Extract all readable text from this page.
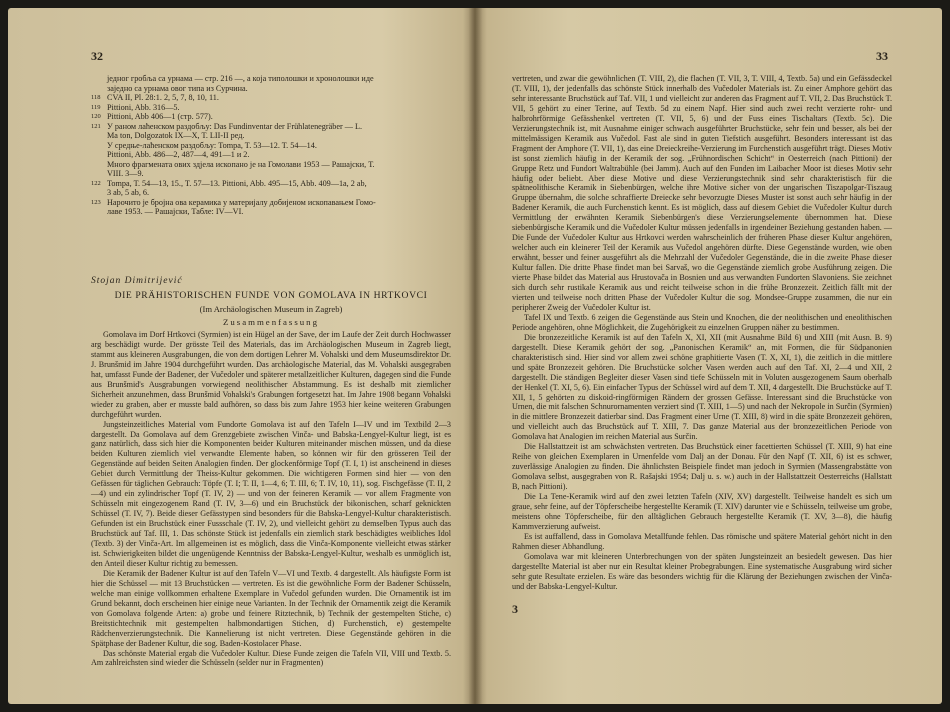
32
једног гробља са урнама — стр. 216 —, а која типолошки и хронолошки иде
заједно са урнама овог типа из Сурчина.
118 CVA II, Pl. 28:1. 2, 5, 7, 8, 10, 11.
119 Pittioni, Abb. 316—5.
120 Pittioni, Abb 406—1 (стр. 577).
121 У раном лаћенском раздобљу: Das Fundinventar der Frühlatenegräber — L.
Ma ton, Dolgozatok IX—X, T. LII-II ред.
У средње-лаћенском раздобљу: Tompa, T. 53—12. T. 54—14.
Pittioni, Abb. 486—2, 487—4, 491—1 и 2.
Много фрагмената ових здјела ископано је на Гомолави 1953 — Рашајски, Т.
VIII. 3—9.
122 Tompa, T. 54—13, 15., T. 57—13. Pittioni, Abb. 495—15, Abb. 409—1a, 2 ab,
3 ab, 5 ab, 6.
123 Нарочито је бројна ова керамика у материјалу добијеном ископавањем Гомо-
лаве 1953. — Рашајски, Табле: IV—VI.
Stojan Dimitrijević
DIE PRÄHISTORISCHEN FUNDE VON GOMOLAVA IN HRTKOVCI
(Im Archäologischen Museum in Zagreb)
Zusammenfassung

Gomolava im Dorf Hrtkovci (Syrmien) ist ein Hügel an der Save, der im Laufe der Zeit durch Hochwasser arg beschädigt wurde. Der grösste Teil des Materials, das im Archäologischen Museum in Zagreb liegt, stammt aus kleineren Ausgrabungen, die von dem dortigen Lehrer M. Vohalski und dem Museumsdirektor Dr. J. Brunšmid im Jahre 1904 durchgeführt wurden. Das archäologische Material, das M. Vohalski ausgegraben hat, umfasst Funde der Badener, der Vučedoler und späterer metallzeitlicher Kulturen, dagegen sind die Funde aus Brunšmid's Ausgrabungen vorwiegend neolithischer Abstammung. Es ist deshalb mit ziemlicher Sicherheit anzunehmen, dass Brunšmid Vohalski's Grabungen fortgesetzt hat. Im Jahre 1908 begann Vohalski wieder zu graben, aber er musste bald aufhören, so dass bis zum Jahre 1953 hier keine weiteren Grabungen durchgeführt wurden.

Jungsteinzeitliches Material vom Fundorte Gomolava ist auf den Tafeln I—IV und im Textbild 2—3 dargestellt. Da Gomolava auf dem Grenzgebiete zwischen Vinča- und Babska-Lengyel-Kultur liegt, ist es ganz natürlich, dass sich hier die Komponenten beider Kulturen miteinander mischen müssen, und da diese beiden Kulturen ziemlich viel verwandte Elemente haben, so können wir für den grösseren Teil der Gegenstände auf beiden Seiten Analogien finden. Der glockenförmige Topf (T. I, 1) ist anscheinend in dieses Gebiet durch Vermittlung der Theiss-Kultur gekommen. Die wichtigeren Formen sind hier — von den Gefässen für täglichen Gebrauch: Töpfe (T. I; T. II, 1—4, 6; T. III, 6; T. IV, 10, 11), sog. Fischgefässe (T. II, 2—4) und ein zylindrischer Topf (T. IV, 2) — und von der feineren Keramik — vor allem Fragmente von Schüsseln mit eingezogenem Rand (T. IV, 3—6) und ein Bruchstück der bikonischen, scharf geknickten Schüssel (T. IV, 7). Beide dieser Gefässtypen sind besonders für die Babska-Lengyel-Kultur charakteristisch. Gefunden ist ein Bruchstück einer Fussschale (T. IV, 2), und vielleicht gehört zu demselben Typus auch das Bruchstück auf Taf. III, 1. Das schönste Stück ist jedenfalls ein ziemlich stark beschädigtes weibliches Idol (Textb. 3) der Vinča-Art. Im allgemeinen ist es möglich, dass die Vinča-Komponente vielleicht etwas stärker ist. Schwierigkeiten bildet die ungenügende Kenntniss der Babska-Lengyel-Kultur, weshalb es unmöglich ist, den Anteil dieser Kultur richtig zu bemessen.

Die Keramik der Badener Kultur ist auf den Tafeln V—VI und Textb. 4 dargestellt. Als häufigste Form ist hier die Schüssel — mit 13 Bruchstücken — vertreten. Es ist die gewöhnliche Form der Badener Schüsseln, welche man einige vollkommen erhaltene Exemplare in Vučedol gefunden wurden. Die Ornamentik ist im Grund bekannt, doch erscheinen hier einige neue Varianten. In der Technik der Ornamentik zeigt die Keramik von Gomolava folgende Arten: a) grobe und feinere Ritztechnik, b) Technik der gestempelten Stiche, c) Breitstichtechnik mit gestempelten halbmondartigen Stichen, d) Furchenstich, e) gestempelte Rädchenverzierungstechnik. Die Kannelierung ist nicht vertreten. Diese Gegenstände gehören in die Spätphase der Badener Kultur, die sog. Baden-Kostolacer Phase.

Das schönste Material ergab die Vučedoler Kultur. Diese Funde zeigen die Tafeln VII, VIII und Textb. 5. Am zahlreichsten sind wieder die Schüsseln (selder nur in Fragmenten)

33

vertreten, und zwar die gewöhnlichen (T. VIII, 2), die flachen (T. VII, 3, T. VIII, 4, Textb. 5a) und ein Gefässdeckel (T. VIII, 1), der jedenfalls das schönste Stück innerhalb des Vučedoler Materials ist. Zu einer Amphore gehört das sehr interessante Bruchstück auf Taf. VII, 1 und vielleicht zur anderen das Fragment auf T. VII, 2. Das Bruchstück T. VII, 5 gehört zu einer Terine, auf Textb. 5d zu einem Napf. Hier sind auch zwei recht verzierte rohr- und halbrohrförmige Gefässhenkel vertreten (T. VII, 5, 6) und der Fuss eines Tischaltars (Textb. 5c). Die Verzierungstechnik ist, mit Ausnahme einiger schwach ausgeführter Bruchstücke, sehr fein und besser, als bei der mittelmässigen Keramik aus Vučedol. Fast ale sind in guten Tiefstich ausgeführt. Besonders interessant ist das Fragment der Amphore (T. VII, 1), das eine Dreieckreihe-Verzierung im Furchenstich ausgeführt trägt. Dieses Motiv ist sonst ziemlich häufig in der Keramik der sog. „Frühnordischen Schicht“ in Oesterreich (nach Pittioni) der Gruppe Retz und Fundort Waltrabühle (bei Jamm). Auch auf den Funden im Laibacher Moor ist dieses Motiv sehr häufig oder beliebt. Aber diese Motive und diese Verzierungstechnik sind sehr charakteristisch für die spätneolithische Keramik in Siebenbürgen, welche ihre Motive sicher von der ungarischen Tiszapolgar-Tiszaug Gruppe übernahm, die solche schraffierte Dreiecke sehr bevorzugte Dieses Muster ist sonst auch sehr häufig in der Badener Keramik, die auch Furchenstich kennt. Es ist möglich, dass auf diesem Gebiet die Vučedoler Kultur durch Vermittlung der erwähnten Keramik Siebenbürgen's diese Verzierungselemente übernommen hat. Diese siebenbürgische Keramik und die Vučedoler Kultur müssen jedenfalls in irgendeiner Beziehung gestanden haben. — Die Funde der Vučedoler Kultur aus Hrtkovci werden wahrscheinlich der früheren Phase dieser Kultur angehören, welcher auch ein kleinerer Teil der Keramik aus Vučedol angehören dürfte. Diese Gegenstände wurden, wie oben erwähnt, besser und feiner ausgeführt als die Mehrzahl der Vučedoler Gegenstände, die in die zweite Phase dieser Kultur fallen. Die dritte Phase findet man bei Sarvaš, wo die Gegenstände ziemlich grobe Ausführung zeigen. Die vierte Phase bildet das Material aus Hrustovača in Bosnien und aus verwandten Fundorten Slavoniens. Sie zeichnet sich durch sehr rustikale Keramik aus und reicht teilweise schon in die frühe Bronzezeit. Zeitlich fällt mit der vierten und teilweise noch dritten Phase der Vučedoler Kultur die sog. Mondsee-Gruppe zusammen, die nur ein peripherer Zweig der Vučedoler Kultur ist.

Tafel IX und Textb. 6 zeigen die Gegenstände aus Stein und Knochen, die der neolithischen und eneolithischen Periode angehören, ohne Möglichkeit, die Zugehörigkeit zu einzelnen Gruppen näher zu bestimmen.

Die bronzezeitliche Keramik ist auf den Tafeln X, XI, XII (mit Ausnahme Bild 6) und XIII (mit Ausn. B. 9) dargestellt. Diese Keramik gehört der sog. „Panonischen Keramik“ an, mit Formen, die für Südpanonien charakteristisch sind. Hier sind vor allem zwei schöne graphitierte Vasen (T. X, XI, 1), die zeitlich in die mittlere und späte Bronzezeit gehören. Die Bruchstücke solcher Vasen werden auch auf den Taf. XI, 2—4 und XII, 2 dargestellt. Die ständigen Begleiter dieser Vasen sind tiefe Schüsseln mit in Voluten ausgezogenem Saum oberhalb der Henkel (T. XI, 5, 6). Ein einfacher Typus der Schüssel wird auf dem T. XII, 4 dargestellt. Die Bruchstücke auf T. XII, 1, 5 gehörten zu diskoid-ringförmigen Rändern der grossen Gefässe. Interessant sind die Bruchstücke von Urnen, die mit falschen Schnurornamenten verziert sind (T. XIII, 1—5) und nach der Nekropole in Surčin (Syrmien) in die mittlere Bronzezeit datierbar sind. Das Fragment einer Urne (T. XIII, 8) wird in die späte Bronzezeit gehören, und vielleicht auch das Bruchstück auf T. XIII, 7. Das ganze Material aus der bronzezeitlichen Periode von Gomolava hat Analogien im reichen Material aus Surčin.

Die Hallstattzeit ist am schwächsten vertreten. Das Bruchstück einer facettierten Schüssel (T. XIII, 9) hat eine Reihe von gleichen Exemplaren in Urnenfelde vom Dalj an der Donau. Für den Napf (T. XII, 6) ist es schwer, zuverlässige Analogien zu finden. Die ähnlichsten Beispiele findet man jedoch in Syrmien (Massengrabstätte von Gomolava selbst, ausgegraben von R. Rašajski 1954; Dalj u. s. w.) auch in der Hallstattzeit Oesterreichs (Hallstatt B, nach Pittioni).

Die La Tene-Keramik wird auf den zwei letzten Tafeln (XIV, XV) dargestellt. Teilweise handelt es sich um graue, sehr feine, auf der Töpferscheibe hergestellte Keramik (T. XIV) darunter vie e Schüsseln, teilweise um grobe, meistens ohne Töpferscheibe, für den alltäglichen Gebrauch hergestellte Keramik (T. XV, 3—8), die häufig Kammverzierung aufweist.

Es ist auffallend, dass in Gomolava Metallfunde fehlen. Das römische und spätere Material gehört nicht in den Rahmen dieser Abhandlung.

Gomolava war mit kleineren Unterbrechungen von der späten Jungsteinzeit an besiedelt gewesen. Das hier dargestellte Material ist aber nur ein Resultat kleiner Probegrabungen. Eine systematische Ausgrabung wird sicher sehr gute Resultate erzielen. Es wäre das besonders wichtig für die Klärung der Beziehungen zwischen der Vinča- und der Babska-Lengyel-Kultur.

3
